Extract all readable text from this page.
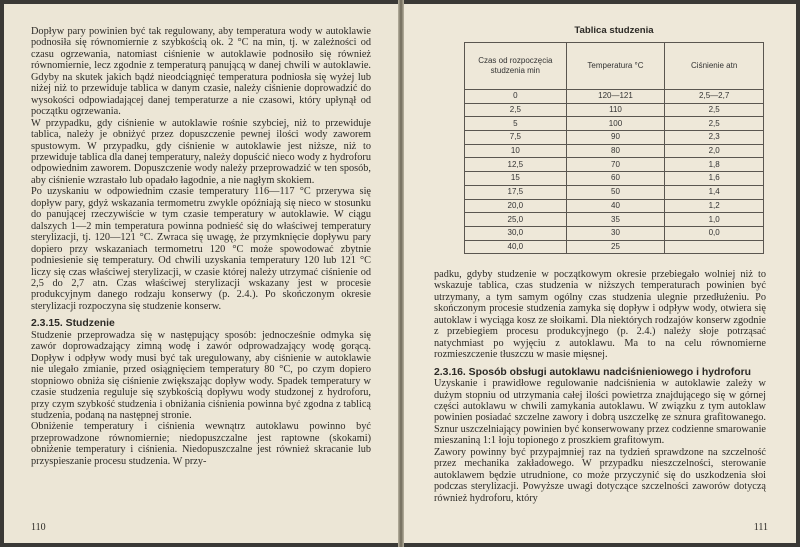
Dopływ pary powinien być tak regulowany, aby temperatura wody w autoklawie podnosiła się równomiernie z szybkością ok. 2 °C na min, tj. w zależności od czasu ogrzewania, natomiast ciśnienie w autoklawie podnosiło się również równomiernie, lecz zgodnie z temperaturą panującą w danej chwili w autoklawie. Gdyby na skutek jakich bądź nieodciągnięć temperatura podniosła się wyżej lub niżej niż to przewiduje tablica w danym czasie, należy ciśnienie doprowadzić do wysokości odpowiadającej danej temperaturze a nie czasowi, który upłynął od początku ogrzewania.

W przypadku, gdy ciśnienie w autoklawie rośnie szybciej, niż to przewiduje tablica, należy je obniżyć przez dopuszczenie pewnej ilości wody zaworem spustowym. W przypadku, gdy ciśnienie w autoklawie jest niższe, niż to przewiduje tablica dla danej temperatury, należy dopuścić nieco wody z hydroforu odpowiednim zaworem. Dopuszczenie wody należy przeprowadzić w ten sposób, aby ciśnienie wzrastało lub opadało łagodnie, a nie nagłym skokiem.

Po uzyskaniu w odpowiednim czasie temperatury 116—117 °C przerywa się dopływ pary, gdyż wskazania termometru zwykle opóźniają się nieco w stosunku do panującej rzeczywiście w tym czasie temperatury w autoklawie. W ciągu dalszych 1—2 min temperatura powinna podnieść się do właściwej temperatury sterylizacji, tj. 120—121 °C. Zwraca się uwagę, że przymknięcie dopływu pary dopiero przy wskazaniach termometru 120 °C może spowodować zbytnie podniesienie się temperatury. Od chwili uzyskania temperatury 120 lub 121 °C liczy się czas właściwej sterylizacji, w czasie której należy utrzymać ciśnienie od 2,5 do 2,7 atn. Czas właściwej sterylizacji wskazany jest w procesie produkcyjnym danego rodzaju konserwy (p. 2.4.). Po skończonym okresie sterylizacji rozpoczyna się studzenie konserw.

2.3.15. Studzenie

Studzenie przeprowadza się w następujący sposób: jednocześnie odmyka się zawór doprowadzający zimną wodę i zawór odprowadzający wodę gorącą. Dopływ i odpływ wody musi być tak uregulowany, aby ciśnienie w autoklawie nie ulegało zmianie, przed osiągnięciem temperatury 80 °C, po czym dopiero stopniowo obniża się ciśnienie zwiększając dopływ wody. Spadek temperatury w czasie studzenia reguluje się szybkością dopływu wody studzonej z hydroforu, przy czym szybkość studzenia i obniżania ciśnienia powinna być zgodna z tablicą studzenia, podaną na następnej stronie.

Obniżenie temperatury i ciśnienia wewnątrz autoklawu powinno być przeprowadzone równomiernie; niedopuszczalne jest raptowne (skokami) obniżenie temperatury i ciśnienia. Niedopuszczalne jest również skracanie lub przyspieszanie procesu studzenia. W przy-

110
Tablica studzenia
Czas od rozpoczęcia studzenia min	Temperatura °C	Ciśnienie atn
0	120—121	2,5—2,7
2,5	110	2,5
5	100	2,5
7,5	90	2,3
10	80	2,0
12,5	70	1,8
15	60	1,6
17,5	50	1,4
20,0	40	1,2
25,0	35	1,0
30,0	30	0,0
40,0	25	

padku, gdyby studzenie w początkowym okresie przebiegało wolniej niż to wskazuje tablica, czas studzenia w niższych temperaturach powinien być utrzymany, a tym samym ogólny czas studzenia ulegnie przedłużeniu. Po skończonym procesie studzenia zamyka się dopływ i odpływ wody, otwiera się autoklaw i wyciąga kosz ze słoikami. Dla niektórych rodzajów konserw zgodnie z przebiegiem procesu produkcyjnego (p. 2.4.) należy słoje potrząsać natychmiast po wyjęciu z autoklawu. Ma to na celu równomierne rozmieszczenie tłuszczu w masie mięsnej.

2.3.16. Sposób obsługi autoklawu nadciśnieniowego i hydroforu

Uzyskanie i prawidłowe regulowanie nadciśnienia w autoklawie zależy w dużym stopniu od utrzymania całej ilości powietrza znajdującego się w górnej części autoklawu w chwili zamykania autoklawu. W związku z tym autoklaw powinien posiadać szczelne zawory i dobrą uszczelkę ze sznura grafitowanego. Sznur uszczelniający powinien być konserwowany przez codzienne smarowanie mieszaniną 1:1 łoju topionego z proszkiem grafitowym.

Zawory powinny być przypajmniej raz na tydzień sprawdzone na szczelność przez mechanika zakładowego. W przypadku nieszczelności, sterowanie autoklawem będzie utrudnione, co może przyczynić się do uszkodzenia słoi podczas sterylizacji. Powyższe uwagi dotyczące szczelności zaworów dotyczą również hydroforu, który

111
